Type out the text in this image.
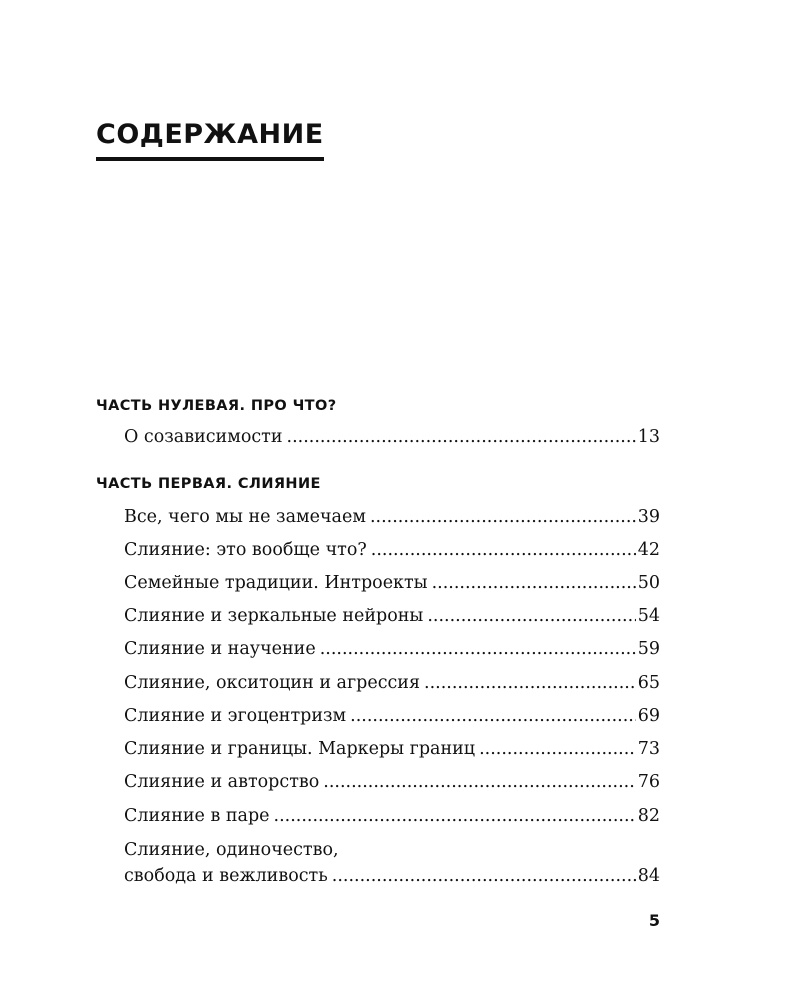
СОДЕРЖАНИЕ
ЧАСТЬ НУЛЕВАЯ. ПРО ЧТО?
О созависимости .....	13
ЧАСТЬ ПЕРВАЯ. СЛИЯНИЕ
Все, чего мы не замечаем .....	39
Слияние: это вообще что? .....	42
Семейные традиции. Интроекты .....	50
Слияние и зеркальные нейроны .....	54
Слияние и научение .....	59
Слияние, окситоцин и агрессия .....	65
Слияние и эгоцентризм .....	69
Слияние и границы. Маркеры границ .....	73
Слияние и авторство .....	76
Слияние в паре .....	82
Слияние, одиночество,
свобода и вежливость .....	84
5
